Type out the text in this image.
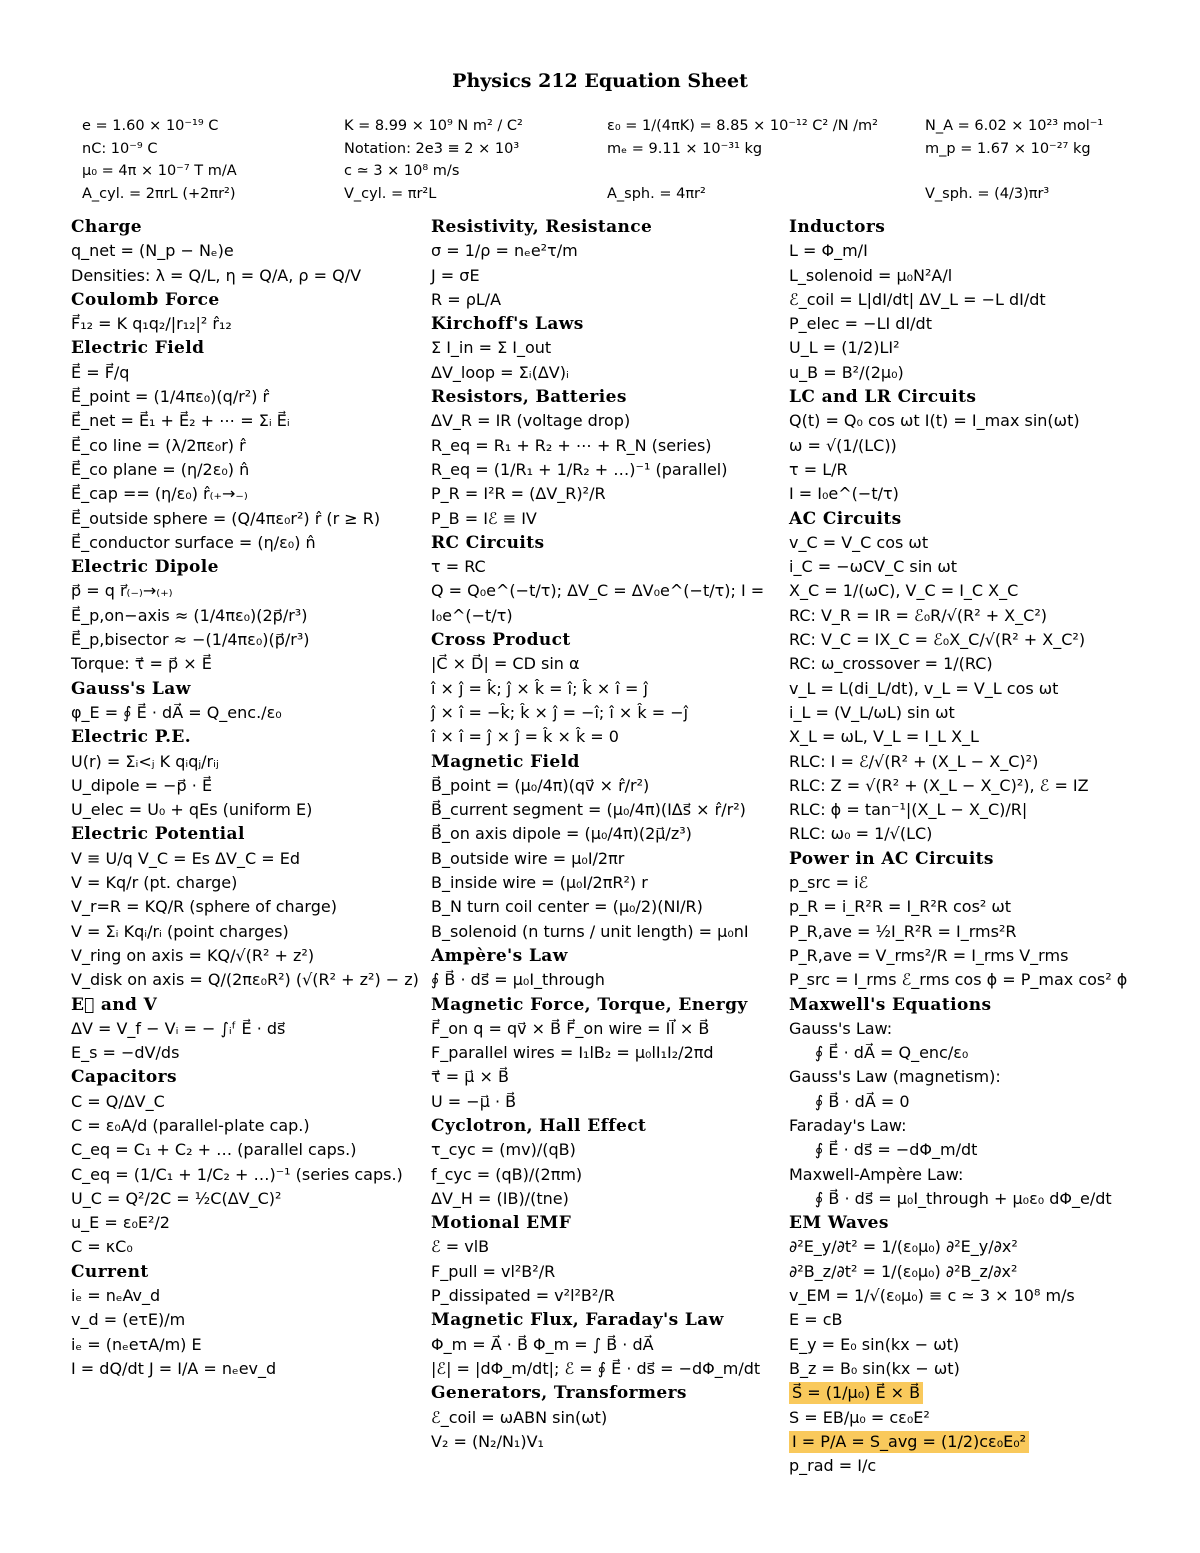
Physics 212 Equation Sheet
e = 1.60 × 10⁻¹⁹ C	K = 8.99 × 10⁹ N m² / C²	ε₀ = 1/(4πK) = 8.85 × 10⁻¹² C² /N /m²	N_A = 6.02 × 10²³ mol⁻¹
nC: 10⁻⁹ C	Notation: 2e3 ≡ 2 × 10³	mₑ = 9.11 × 10⁻³¹ kg	m_p = 1.67 × 10⁻²⁷ kg
μ₀ = 4π × 10⁻⁷ T m/A	c ≃ 3 × 10⁸ m/s
A_cyl. = 2πrL (+2πr²)	V_cyl. = πr²L	A_sph. = 4πr²	V_sph. = (4/3)πr³
Charge
q_net = (N_p − Nₑ)e
Densities: λ = Q/L, η = Q/A, ρ = Q/V
Coulomb Force
F⃗₁₂ = K q₁q₂/|r₁₂|² r̂₁₂
Electric Field
E⃗ = F⃗/q
E⃗_point = (1/4πε₀)(q/r²) r̂
E⃗_net = E⃗₁ + E⃗₂ + ⋯ = Σᵢ E⃗ᵢ
E⃗_co line = (λ/2πε₀r) r̂
E⃗_co plane = (η/2ε₀) n̂
E⃗_cap == (η/ε₀) r̂₍₊→₋₎
E⃗_outside sphere = (Q/4πε₀r²) r̂ (r ≥ R)
E⃗_conductor surface = (η/ε₀) n̂
Electric Dipole
p⃗ = q r⃗₍₋₎→₍₊₎
E⃗_p,on−axis ≈ (1/4πε₀)(2p⃗/r³)
E⃗_p,bisector ≈ −(1/4πε₀)(p⃗/r³)
Torque: τ⃗ = p⃗ × E⃗
Gauss's Law
φ_E = ∮ E⃗ · dA⃗ = Q_enc./ε₀
Electric P.E.
U(r) = Σᵢ<ⱼ K qᵢqⱼ/rᵢⱼ
U_dipole = −p⃗ · E⃗
U_elec = U₀ + qEs (uniform E)
Electric Potential
V ≡ U/q V_C = Es ΔV_C = Ed
V = Kq/r (pt. charge)
V_r=R = KQ/R (sphere of charge)
V = Σᵢ Kqᵢ/rᵢ (point charges)
V_ring on axis = KQ/√(R² + z²)
V_disk on axis = Q/(2πε₀R²) (√(R² + z²) − z)
E⃗ and V
ΔV = V_f − Vᵢ = − ∫ᵢᶠ E⃗ · ds⃗
E_s = −dV/ds
Capacitors
C = Q/ΔV_C
C = ε₀A/d (parallel-plate cap.)
C_eq = C₁ + C₂ + … (parallel caps.)
C_eq = (1/C₁ + 1/C₂ + …)⁻¹ (series caps.)
U_C = Q²/2C = ½C(ΔV_C)²
u_E = ε₀E²/2
C = κC₀
Current
iₑ = nₑAv_d
v_d = (eτE)/m
iₑ = (nₑeτA/m) E
I = dQ/dt J = I/A = nₑev_d
Resistivity, Resistance
σ = 1/ρ = nₑe²τ/m
J = σE
R = ρL/A
Kirchoff's Laws
Σ I_in = Σ I_out
ΔV_loop = Σᵢ(ΔV)ᵢ
Resistors, Batteries
ΔV_R = IR (voltage drop)
R_eq = R₁ + R₂ + ⋯ + R_N (series)
R_eq = (1/R₁ + 1/R₂ + …)⁻¹ (parallel)
P_R = I²R = (ΔV_R)²/R
P_B = Iℰ ≡ IV
RC Circuits
τ = RC
Q = Q₀e^(−t/τ); ΔV_C = ΔV₀e^(−t/τ); I = I₀e^(−t/τ)
Cross Product
|C⃗ × D⃗| = CD sin α
î × ĵ = k̂; ĵ × k̂ = î; k̂ × î = ĵ
ĵ × î = −k̂; k̂ × ĵ = −î; î × k̂ = −ĵ
î × î = ĵ × ĵ = k̂ × k̂ = 0
Magnetic Field
B⃗_point = (μ₀/4π)(qv⃗ × r̂/r²)
B⃗_current segment = (μ₀/4π)(IΔs⃗ × r̂/r²)
B⃗_on axis dipole = (μ₀/4π)(2μ⃗/z³)
B_outside wire = μ₀I/2πr
B_inside wire = (μ₀I/2πR²) r
B_N turn coil center = (μ₀/2)(NI/R)
B_solenoid (n turns / unit length) = μ₀nI
Ampère's Law
∮ B⃗ · ds⃗ = μ₀I_through
Magnetic Force, Torque, Energy
F⃗_on q = qv⃗ × B⃗ F⃗_on wire = Il⃗ × B⃗
F_parallel wires = I₁lB₂ = μ₀lI₁I₂/2πd
τ⃗ = μ⃗ × B⃗
U = −μ⃗ · B⃗
Cyclotron, Hall Effect
τ_cyc = (mv)/(qB)
f_cyc = (qB)/(2πm)
ΔV_H = (IB)/(tne)
Motional EMF
ℰ = vlB
F_pull = vl²B²/R
P_dissipated = v²l²B²/R
Magnetic Flux, Faraday's Law
Φ_m = A⃗ · B⃗ Φ_m = ∫ B⃗ · dA⃗
|ℰ| = |dΦ_m/dt|; ℰ = ∮ E⃗ · ds⃗ = −dΦ_m/dt
Generators, Transformers
ℰ_coil = ωABN sin(ωt)
V₂ = (N₂/N₁)V₁
Inductors
L = Φ_m/I
L_solenoid = μ₀N²A/l
ℰ_coil = L|dI/dt| ΔV_L = −L dI/dt
P_elec = −LI dI/dt
U_L = (1/2)LI²
u_B = B²/(2μ₀)
LC and LR Circuits
Q(t) = Q₀ cos ωt I(t) = I_max sin(ωt)
ω = √(1/(LC))
τ = L/R
I = I₀e^(−t/τ)
AC Circuits
v_C = V_C cos ωt
i_C = −ωCV_C sin ωt
X_C = 1/(ωC), V_C = I_C X_C
RC: V_R = IR = ℰ₀R/√(R² + X_C²)
RC: V_C = IX_C = ℰ₀X_C/√(R² + X_C²)
RC: ω_crossover = 1/(RC)
v_L = L(di_L/dt), v_L = V_L cos ωt
i_L = (V_L/ωL) sin ωt
X_L = ωL, V_L = I_L X_L
RLC: I = ℰ/√(R² + (X_L − X_C)²)
RLC: Z = √(R² + (X_L − X_C)²), ℰ = IZ
RLC: ϕ = tan⁻¹|(X_L − X_C)/R|
RLC: ω₀ = 1/√(LC)
Power in AC Circuits
p_src = iℰ
p_R = i_R²R = I_R²R cos² ωt
P_R,ave = ½I_R²R = I_rms²R
P_R,ave = V_rms²/R = I_rms V_rms
P_src = I_rms ℰ_rms cos ϕ = P_max cos² ϕ
Maxwell's Equations
Gauss's Law:
∮ E⃗ · dA⃗ = Q_enc/ε₀
Gauss's Law (magnetism):
∮ B⃗ · dA⃗ = 0
Faraday's Law:
∮ E⃗ · ds⃗ = −dΦ_m/dt
Maxwell-Ampère Law:
∮ B⃗ · ds⃗ = μ₀I_through + μ₀ε₀ dΦ_e/dt
EM Waves
∂²E_y/∂t² = 1/(ε₀μ₀) ∂²E_y/∂x²
∂²B_z/∂t² = 1/(ε₀μ₀) ∂²B_z/∂x²
v_EM = 1/√(ε₀μ₀) ≡ c ≃ 3 × 10⁸ m/s
E = cB
E_y = E₀ sin(kx − ωt)
B_z = B₀ sin(kx − ωt)
S⃗ = (1/μ₀) E⃗ × B⃗
S = EB/μ₀ = cε₀E²
I = P/A = S_avg = (1/2)cε₀E₀²
p_rad = I/c
